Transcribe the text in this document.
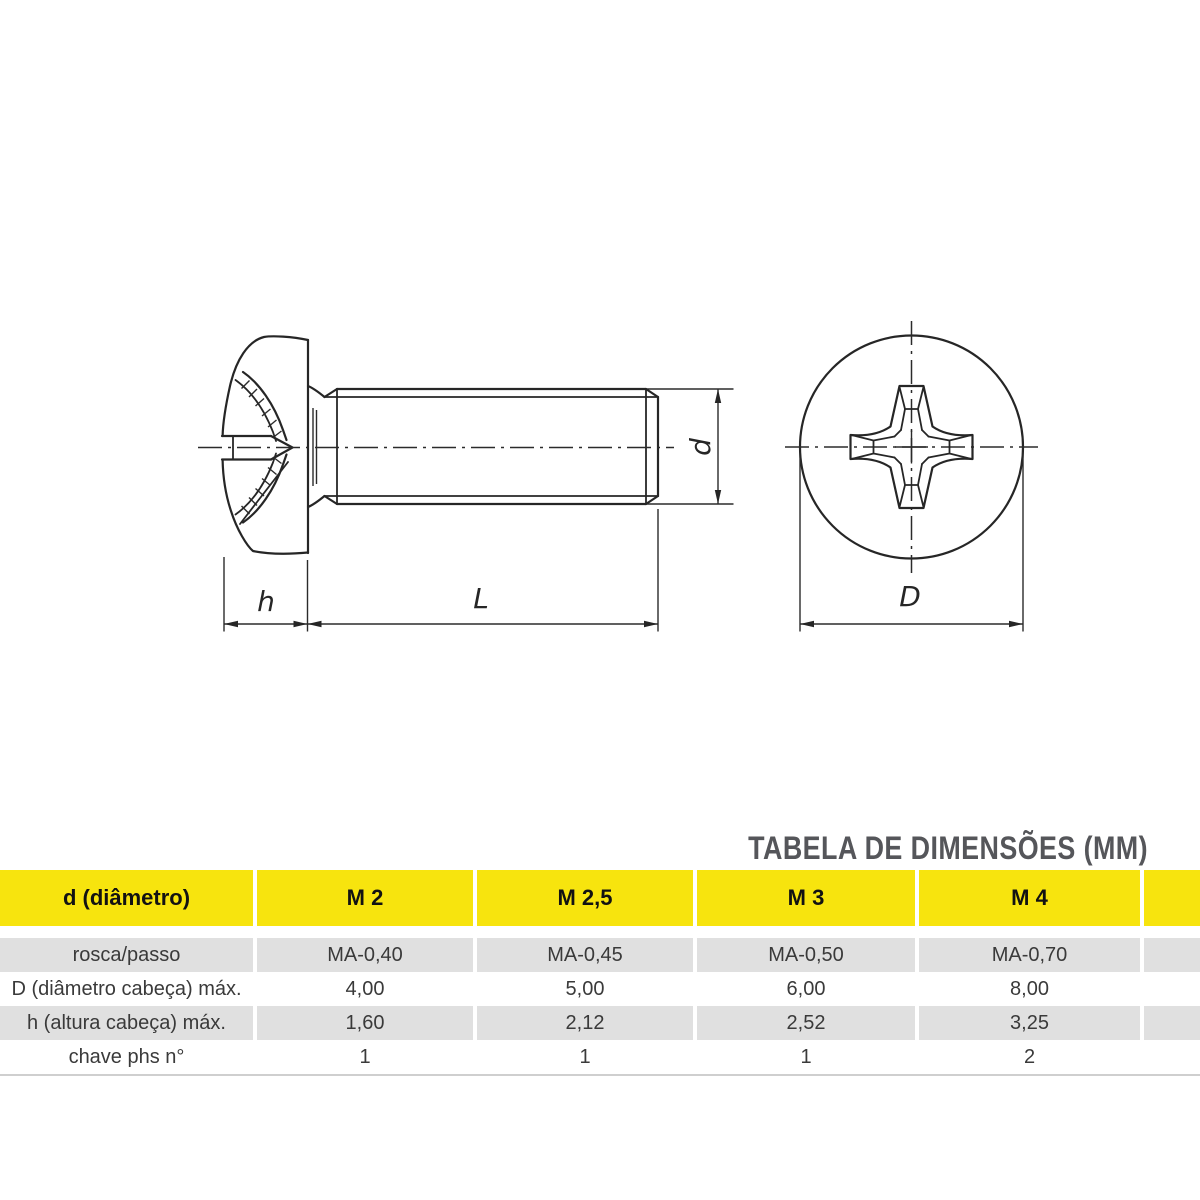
h	L
d
D
TABELA DE DIMENSÕES (MM)
d (diâmetro)	M 2	M 2,5	M 3	M 4
rosca/passo	MA-0,40	MA-0,45	MA-0,50	MA-0,70
D (diâmetro cabeça) máx.	4,00	5,00	6,00	8,00
h (altura cabeça) máx.	1,60	2,12	2,52	3,25
chave phs n°	1	1	1	2
